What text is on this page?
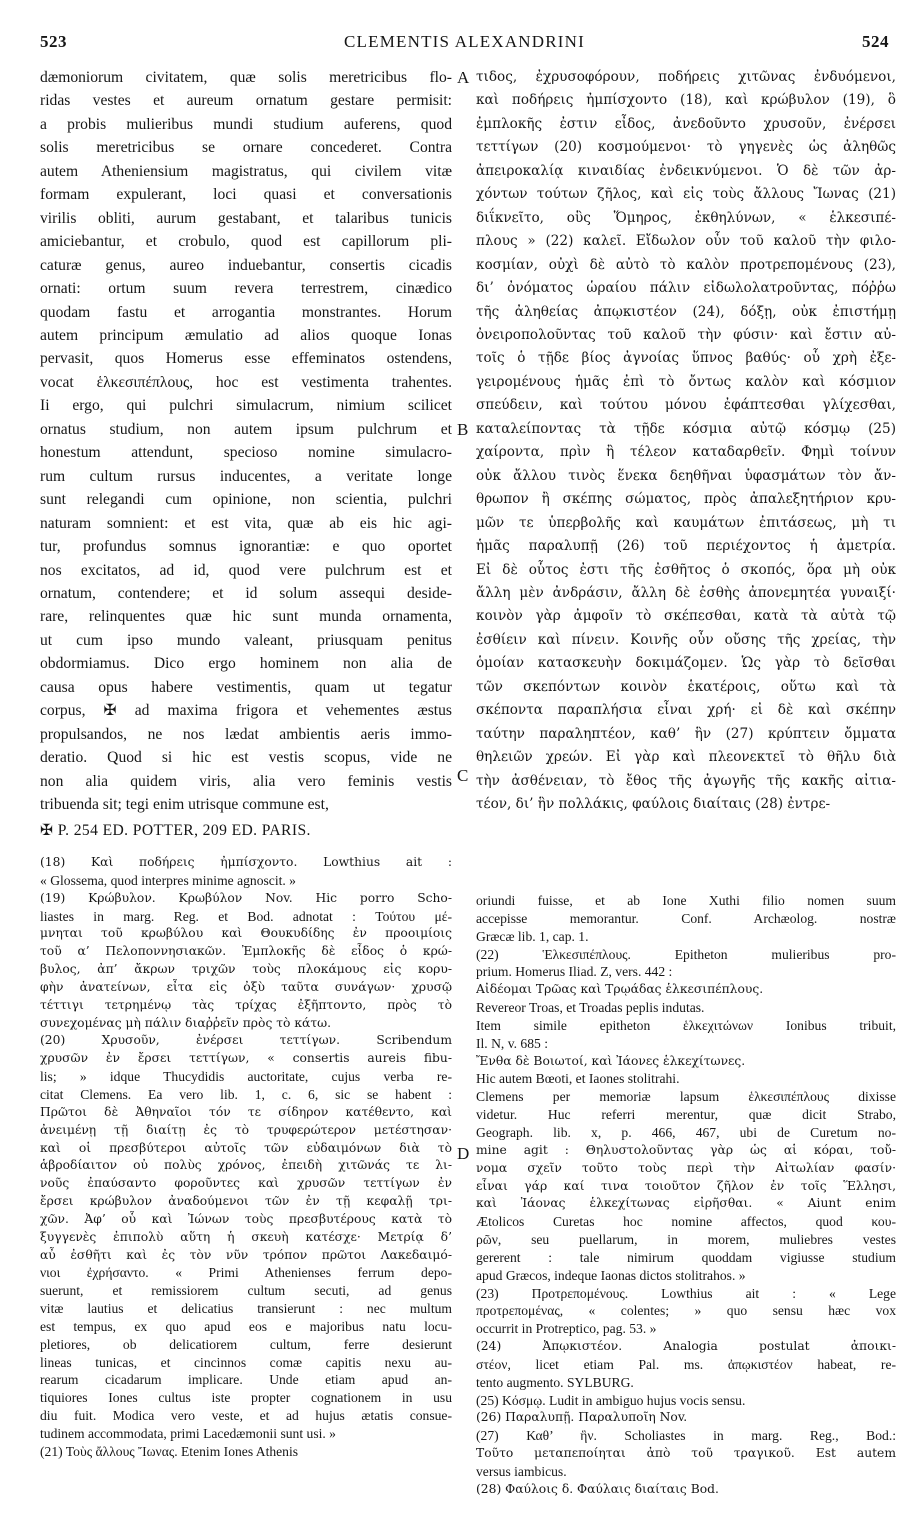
523	CLEMENTIS ALEXANDRINI	524
dæmoniorum civitatem, quæ solis meretricibus flo-
ridas vestes et aureum ornatum gestare permisit:
a probis mulieribus mundi studium auferens, quod
solis meretricibus se ornare concederet. Contra
autem Atheniensium magistratus, qui civilem vitæ
formam expulerant, loci quasi et conversationis
virilis obliti, aurum gestabant, et talaribus tunicis
amiciebantur, et crobulo, quod est capillorum pli-
caturæ genus, aureo induebantur, consertis cicadis
ornati: ortum suum revera terrestrem, cinædico
quodam fastu et arrogantia monstrantes. Horum
autem principum æmulatio ad alios quoque Ionas
pervasit, quos Homerus esse effeminatos ostendens,
vocat ἑλκεσιπέπλους, hoc est vestimenta trahentes.
Ii ergo, qui pulchri simulacrum, nimium scilicet
ornatus studium, non autem ipsum pulchrum et
honestum attendunt, specioso nomine simulacro-
rum cultum rursus inducentes, a veritate longe
sunt relegandi cum opinione, non scientia, pulchri
naturam somnient: et est vita, quæ ab eis hic agi-
tur, profundus somnus ignorantiæ: e quo oportet
nos excitatos, ad id, quod vere pulchrum est et
ornatum, contendere; et id solum assequi deside-
rare, relinquentes quæ hic sunt munda ornamenta,
ut cum ipso mundo valeant, priusquam penitus
obdormiamus. Dico ergo hominem non alia de
causa opus habere vestimentis, quam ut tegatur
corpus, ✠ ad maxima frigora et vehementes æstus
propulsandos, ne nos lædat ambientis aeris immo-
deratio. Quod si hic est vestis scopus, vide ne
non alia quidem viris, alia vero feminis vestis
tribuenda sit; tegi enim utrisque commune est,
✠ P. 254 ED. POTTER, 209 ED. PARIS.
τιδος, ἐχρυσοφόρουν, ποδήρεις χιτῶνας ἐνδυόμενοι,
καὶ ποδήρεις ἠμπίσχοντο (18), καὶ κρώβυλον (19), ὃ
ἐμπλοκῆς ἐστιν εἶδος, ἀνεδοῦντο χρυσοῦν, ἐνέρσει
τεττίγων (20) κοσμούμενοι· τὸ γηγενὲς ὡς ἀληθῶς
ἀπειροκαλίᾳ κιναιδίας ἐνδεικνύμενοι. Ὁ δὲ τῶν ἀρ-
χόντων τούτων ζῆλος, καὶ εἰς τοὺς ἄλλους Ἴωνας (21)
διΐκνεῖτο, οὓς Ὅμηρος, ἐκθηλύνων, « ἑλκεσιπέ-
πλους » (22) καλεῖ. Εἴδωλον οὖν τοῦ καλοῦ τὴν φιλο-
κοσμίαν, οὐχὶ δὲ αὐτὸ τὸ καλὸν προτρεπομένους (23),
δι’ ὀνόματος ὡραίου πάλιν εἰδωλολατροῦντας, πόῤῥω
τῆς ἀληθείας ἀπῳκιστέον (24), δόξῃ, οὐκ ἐπιστήμῃ
ὀνειροπολοῦντας τοῦ καλοῦ τὴν φύσιν· καὶ ἔστιν αὐ-
τοῖς ὁ τῇδε βίος ἀγνοίας ὕπνος βαθύς· οὗ χρὴ ἐξε-
γειρομένους ἡμᾶς ἐπὶ τὸ ὄντως καλὸν καὶ κόσμιον
σπεύδειν, καὶ τούτου μόνου ἐφάπτεσθαι γλίχεσθαι,
καταλείποντας τὰ τῇδε κόσμια αὐτῷ κόσμῳ (25)
χαίροντα, πρὶν ἢ τέλεον καταδαρθεῖν. Φημὶ τοίνυν
οὐκ ἄλλου τινὸς ἕνεκα δεηθῆναι ὑφασμάτων τὸν ἄν-
θρωπον ἢ σκέπης σώματος, πρὸς ἀπαλεξητήριον κρυ-
μῶν τε ὑπερβολῆς καὶ καυμάτων ἐπιτάσεως, μὴ τι
ἡμᾶς παραλυπῇ (26) τοῦ περιέχοντος ἡ ἀμετρία.
Εἰ δὲ οὗτος ἐστι τῆς ἐσθῆτος ὁ σκοπός, ὅρα μὴ οὐκ
ἄλλη μὲν ἀνδράσιν, ἄλλη δὲ ἐσθὴς ἀπονεμητέα γυναιξί·
κοινὸν γὰρ ἀμφοῖν τὸ σκέπεσθαι, κατὰ τὰ αὐτὰ τῷ
ἐσθίειν καὶ πίνειν. Κοινῆς οὖν οὔσης τῆς χρείας, τὴν
ὁμοίαν κατασκευὴν δοκιμάζομεν. Ὡς γὰρ τὸ δεῖσθαι
τῶν σκεπόντων κοινὸν ἑκατέροις, οὕτω καὶ τὰ
σκέποντα παραπλήσια εἶναι χρή· εἰ δὲ καὶ σκέπην
ταύτην παραληπτέον, καθ’ ἣν (27) κρύπτειν ὄμματα
θηλειῶν χρεών. Εἰ γὰρ καὶ πλεονεκτεῖ τὸ θῆλυ διὰ
τὴν ἀσθένειαν, τὸ ἔθος τῆς ἀγωγῆς τῆς κακῆς αἰτια-
τέον, δι’ ἣν πολλάκις, φαύλοις διαίταις (28) ἐντρε-
A
B
C
D
(18) Καὶ ποδήρεις ἠμπίσχοντο. Lowthius ait :
« Glossema, quod interpres minime agnoscit. »
(19) Κρώβυλον. Κρωβύλον Nov. Hic porro Scho-
liastes in marg. Reg. et Bod. adnotat : Τούτου μέ-
μνηται τοῦ κρωβύλου καὶ Θουκυδίδης ἐν προοιμίοις
τοῦ α’ Πελοποννησιακῶν. Ἐμπλοκῆς δὲ εἶδος ὁ κρώ-
βυλος, ἀπ’ ἄκρων τριχῶν τοὺς πλοκάμους εἰς κορυ-
φὴν ἀνατείνων, εἶτα εἰς ὀξὺ ταῦτα συνάγων· χρυσῷ
τέττιγι τετρημένῳ τὰς τρίχας ἐξῆπτοντο, πρὸς τὸ
συνεχομένας μὴ πάλιν διαῤῥεῖν πρὸς τὸ κάτω.
(20) Χρυσοῦν, ἐνέρσει τεττίγων. Scribendum
χρυσῶν ἐν ἔρσει τεττίγων, « consertis aureis fibu-
lis; » idque Thucydidis auctoritate, cujus verba re-
citat Clemens. Ea vero lib. 1, c. 6, sic se habent :
Πρῶτοι δὲ Ἀθηναῖοι τόν τε σίδηρον κατέθεντο, καὶ
ἀνειμένῃ τῇ διαίτῃ ἐς τὸ τρυφερώτερον μετέστησαν·
καὶ οἱ πρεσβύτεροι αὐτοῖς τῶν εὐδαιμόνων διὰ τὸ
ἁβροδίαιτον οὐ πολὺς χρόνος, ἐπειδὴ χιτῶνάς τε λι-
νοῦς ἐπαύσαντο φοροῦντες καὶ χρυσῶν τεττίγων ἐν
ἔρσει κρώβυλον ἀναδούμενοι τῶν ἐν τῇ κεφαλῇ τρι-
χῶν. Ἀφ’ οὗ καὶ Ἰώνων τοὺς πρεσβυτέρους κατὰ τὸ
ξυγγενὲς ἐπιπολὺ αὕτη ἡ σκευὴ κατέσχε· Μετρίᾳ δ’
αὖ ἐσθῆτι καὶ ἐς τὸν νῦν τρόπον πρῶτοι Λακεδαιμό-
νιοι ἐχρήσαντο. « Primi Athenienses ferrum depo-
suerunt, et remissiorem cultum secuti, ad genus
vitæ lautius et delicatius transierunt : nec multum
est tempus, ex quo apud eos e majoribus natu locu-
pletiores, ob delicatiorem cultum, ferre desierunt
lineas tunicas, et cincinnos comæ capitis nexu au-
rearum cicadarum implicare. Unde etiam apud an-
tiquiores Iones cultus iste propter cognationem in usu
diu fuit. Modica vero veste, et ad hujus ætatis consue-
tudinem accommodata, primi Lacedæmonii sunt usi. »
(21) Τοὺς ἄλλους Ἴωνας. Etenim Iones Athenis
oriundi fuisse, et ab Ione Xuthi filio nomen suum
accepisse memorantur. Conf. Archæolog. nostræ
Græcæ lib. 1, cap. 1.
(22) Ἑλκεσιπέπλους. Epitheton mulieribus pro-
prium. Homerus Iliad. Z, vers. 442 :
Αἰδέομαι Τρῶας καὶ Τρῳάδας ἑλκεσιπέπλους.
Revereor Troas, et Troadas peplis indutas.
Item simile epitheton ἑλκεχιτώνων Ionibus tribuit,
Il. N, v. 685 :
Ἔνθα δὲ Βοιωτοί, καὶ Ἰάονες ἑλκεχίτωνες.
Hic autem Bœoti, et Iaones stolitrahi.
Clemens per memoriæ lapsum ἑλκεσιπέπλους dixisse
videtur. Huc referri merentur, quæ dicit Strabo,
Geograph. lib. x, p. 466, 467, ubi de Curetum no-
mine agit : Θηλυστολοῦντας γὰρ ὡς αἱ κόραι, τοὔ-
νομα σχεῖν τοῦτο τοὺς περὶ τὴν Αἰτωλίαν φασίν·
εἶναι γάρ καί τινα τοιοῦτον ζῆλον ἐν τοῖς Ἕλλησι,
καὶ Ἰάονας ἑλκεχίτωνας εἰρῆσθαι. « Aiunt enim
Ætolicos Curetas hoc nomine affectos, quod κου-
ρῶν, seu puellarum, in morem, muliebres vestes
gererent : tale nimirum quoddam vigiusse studium
apud Græcos, indeque Iaonas dictos stolitrahos. »
(23) Προτρεπομένους. Lowthius ait : « Lege
προτρεπομένας, « colentes; » quo sensu hæc vox
occurrit in Protreptico, pag. 53. »
(24) Ἀπῳκιστέον. Analogia postulat ἀποικι-
στέον, licet etiam Pal. ms. ἀπῳκιστέον habeat, re-
tento augmento. SYLBURG.
(25) Κόσμῳ. Ludit in ambiguo hujus vocis sensu.
(26) Παραλυπῇ. Παραλυποῖη Nov.
(27) Καθ’ ἣν. Scholiastes in marg. Reg., Bod.:
Τοῦτο μεταπεποίηται ἀπὸ τοῦ τραγικοῦ. Est autem
versus iambicus.
(28) Φαύλοις δ. Φαύλαις διαίταις Bod.
